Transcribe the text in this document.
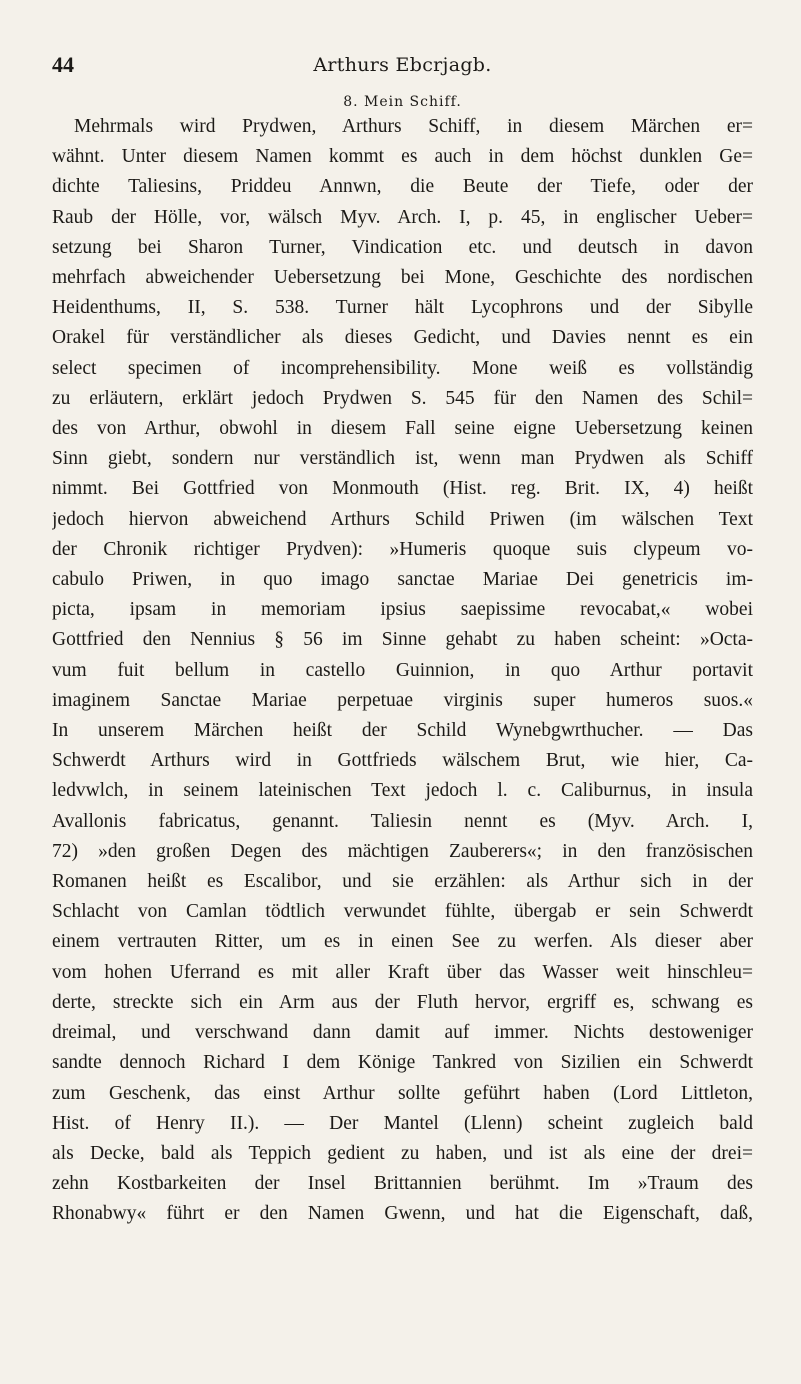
44	Arthurs Ebcrjagb.
8. Mein Schiff.
Mehrmals wird Prydwen, Arthurs Schiff, in diesem Märchen er=
wähnt. Unter diesem Namen kommt es auch in dem höchst dunklen Ge=
dichte Taliesins, Priddeu Annwn, die Beute der Tiefe, oder der
Raub der Hölle, vor, wälsch Myv. Arch. I, p. 45, in englischer Ueber=
setzung bei Sharon Turner, Vindication etc. und deutsch in davon
mehrfach abweichender Uebersetzung bei Mone, Geschichte des nordischen
Heidenthums, II, S. 538. Turner hält Lycophrons und der Sibylle
Orakel für verständlicher als dieses Gedicht, und Davies nennt es ein
select specimen of incomprehensibility. Mone weiß es vollständig
zu erläutern, erklärt jedoch Prydwen S. 545 für den Namen des Schil=
des von Arthur, obwohl in diesem Fall seine eigne Uebersetzung keinen
Sinn giebt, sondern nur verständlich ist, wenn man Prydwen als Schiff
nimmt. Bei Gottfried von Monmouth (Hist. reg. Brit. IX, 4) heißt
jedoch hiervon abweichend Arthurs Schild Priwen (im wälschen Text
der Chronik richtiger Prydven): »Humeris quoque suis clypeum vo-
cabulo Priwen, in quo imago sanctae Mariae Dei genetricis im-
picta, ipsam in memoriam ipsius saepissime revocabat,« wobei
Gottfried den Nennius § 56 im Sinne gehabt zu haben scheint: »Octa-
vum fuit bellum in castello Guinnion, in quo Arthur portavit
imaginem Sanctae Mariae perpetuae virginis super humeros suos.«
In unserem Märchen heißt der Schild Wynebgwrthucher. — Das
Schwerdt Arthurs wird in Gottfrieds wälschem Brut, wie hier, Ca-
ledvwlch, in seinem lateinischen Text jedoch l. c. Caliburnus, in insula
Avallonis fabricatus, genannt. Taliesin nennt es (Myv. Arch. I,
72) »den großen Degen des mächtigen Zauberers«; in den französischen
Romanen heißt es Escalibor, und sie erzählen: als Arthur sich in der
Schlacht von Camlan tödtlich verwundet fühlte, übergab er sein Schwerdt
einem vertrauten Ritter, um es in einen See zu werfen. Als dieser aber
vom hohen Uferrand es mit aller Kraft über das Wasser weit hinschleu=
derte, streckte sich ein Arm aus der Fluth hervor, ergriff es, schwang es
dreimal, und verschwand dann damit auf immer. Nichts destoweniger
sandte dennoch Richard I dem Könige Tankred von Sizilien ein Schwerdt
zum Geschenk, das einst Arthur sollte geführt haben (Lord Littleton,
Hist. of Henry II.). — Der Mantel (Llenn) scheint zugleich bald
als Decke, bald als Teppich gedient zu haben, und ist als eine der drei=
zehn Kostbarkeiten der Insel Brittannien berühmt. Im »Traum des
Rhonabwy« führt er den Namen Gwenn, und hat die Eigenschaft, daß,
